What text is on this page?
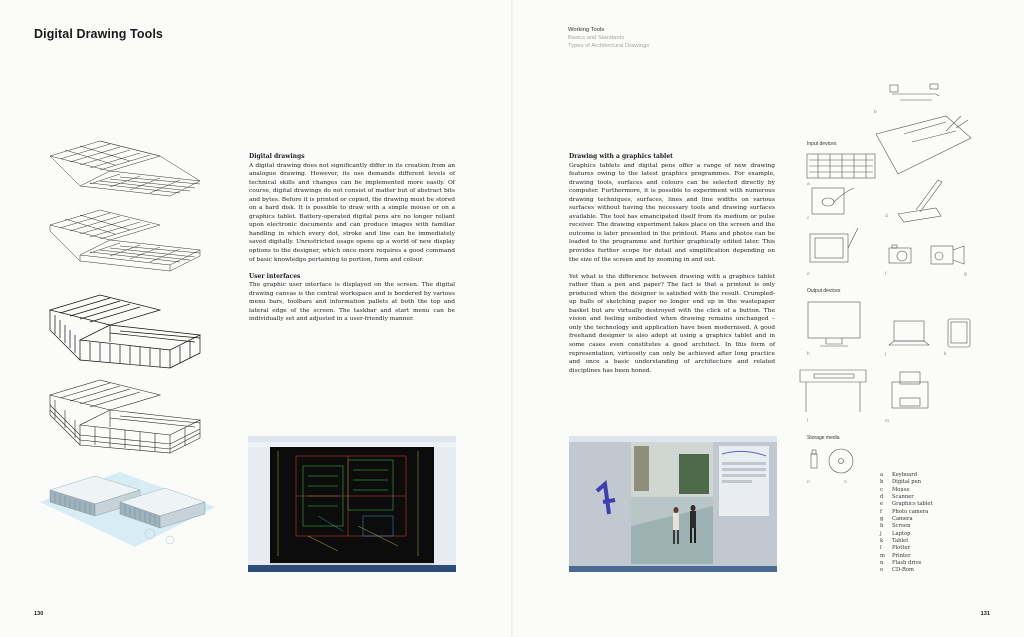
Digital Drawing Tools	Working Tools
Basics and Standards
Types of Architectural Drawings
Digital drawings

A digital drawing does not significantly differ in its creation from an analogue drawing. However, its use demands different levels of technical skills and changes can be implemented more easily. Of course, digital drawings do not consist of matter but of abstract bits and bytes. Before it is printed or copied, the drawing must be stored on a hard disk. It is possible to draw with a simple mouse or on a graphics tablet. Battery-operated digital pens are no longer reliant upon electronic documents and can produce images with familiar handling in which every dot, stroke and line can be immediately saved digitally. Unrestricted usage opens up a world of new display options to the designer, which once more requires a good command of basic knowledge pertaining to portion, form and colour.

User interfaces

The graphic user interface is displayed on the screen. The digital drawing canvas is the central workspace and is bordered by various menu bars, toolbars and information pallets at both the top and lateral edge of the screen. The taskbar and start menu can be individually set and adjusted in a user-friendly manner.

Drawing with a graphics tablet

Graphics tablets and digital pens offer a range of new drawing features owing to the latest graphics programmes. For example, drawing tools, surfaces and colours can be selected directly by computer. Furthermore, it is possible to experiment with numerous drawing techniques, surfaces, lines and line widths on various surfaces without having the necessary tools and drawing surfaces available. The tool has emancipated itself from its medium or pulse receiver. The drawing experiment takes place on the screen and the outcome is later presented in the printout. Plans and photos can be loaded to the programme and further graphically edited later. This provides further scope for detail and simplification depending on the size of the screen and by zooming in and out.

Yet what is the difference between drawing with a graphics tablet rather than a pen and paper? The fact is that a printout is only produced when the designer is satisfied with the result. Crumpled-up balls of sketching paper no longer end up in the wastepaper basket but are virtually destroyed with the click of a button. The vision and feeling embodied when drawing remains unchanged – only the technology and application have been modernised. A good freehand designer is also adept at using a graphics tablet and in some cases even constitutes a good architect. In this form of representation, virtuosity can only be achieved after long practice and once a basic understanding of architecture and related disciplines has been honed.

Input devices
Output devices
Storage media
b
a
c	d
e	f	g
h	j	k
l	m
n	o
a	Keyboard
b	Digital pen
c	Mouse
d	Scanner
e	Graphics tablet
f	Photo camera
g	Camera
h	Screen
j	Laptop
k	Tablet
l	Plotter
m	Printer
n	Flash drive
o	CD-Rom
130	131
